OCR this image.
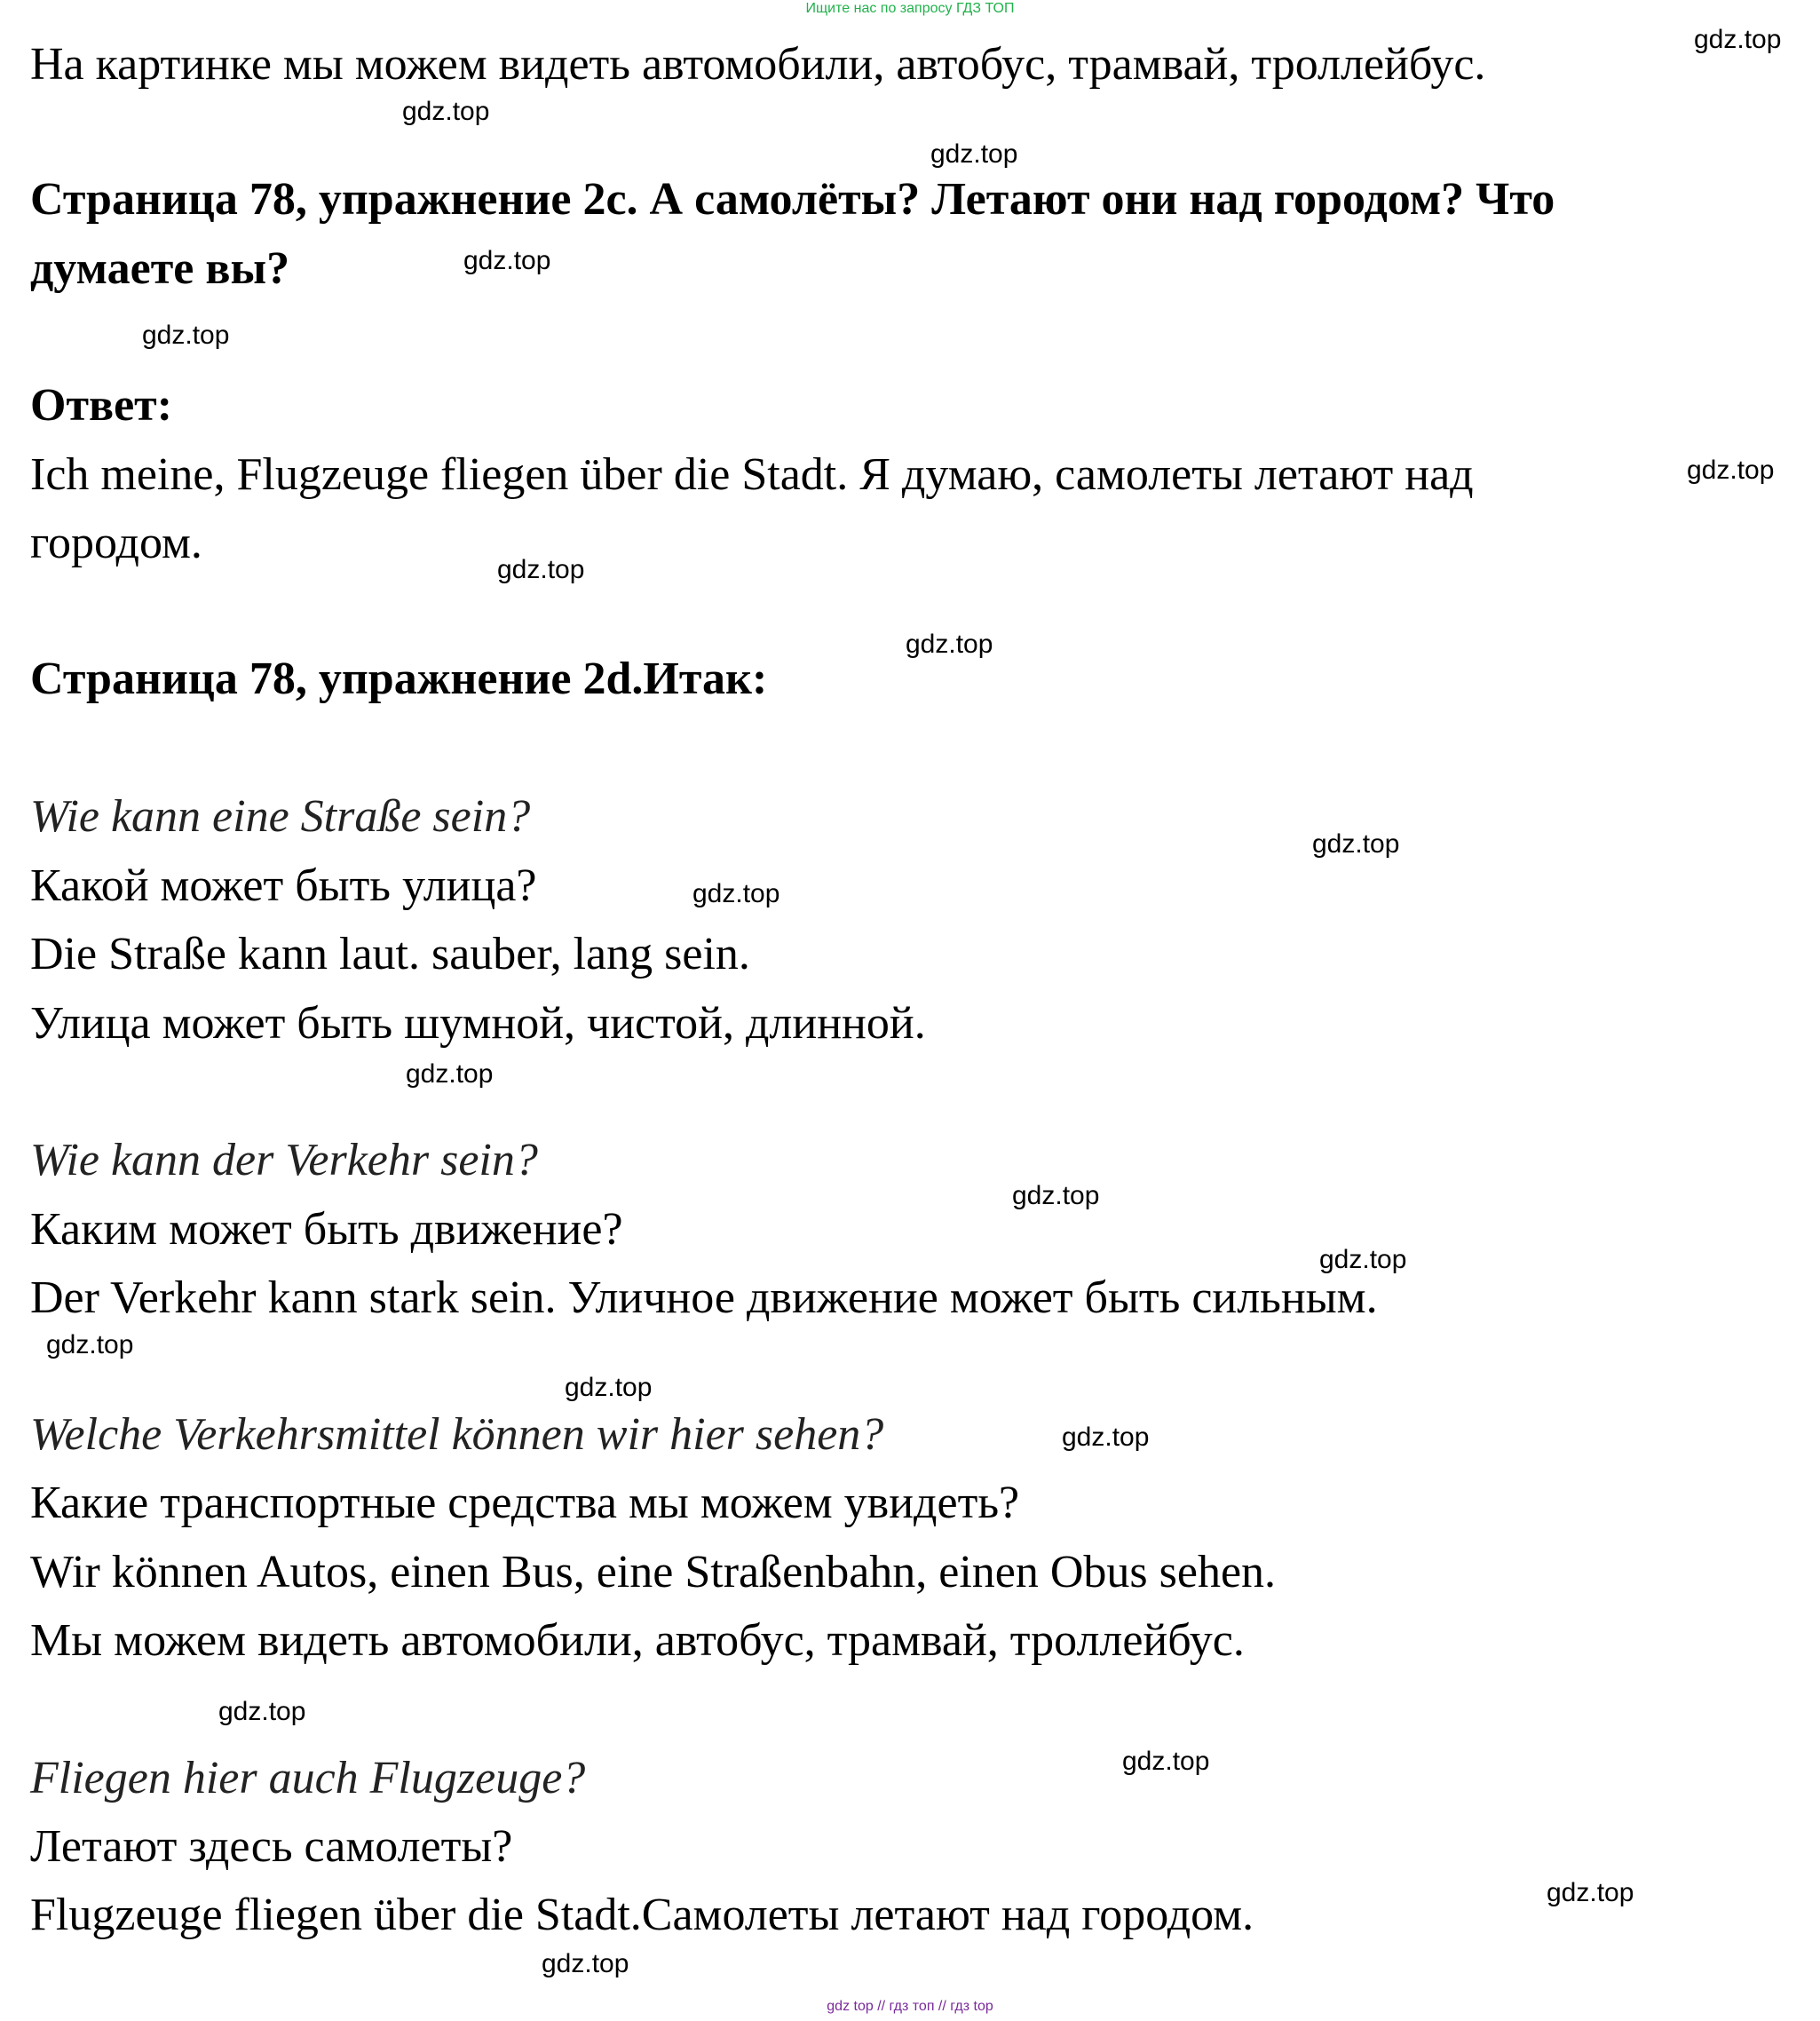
Ищите нас по запросу ГДЗ ТОП
На картинке мы можем видеть автомобили, автобус, трамвай, троллейбус.
Страница 78, упражнение 2с. А самолёты? Летают они над городом? Что
думаете вы?
Ответ:
Ich meine, Flugzeuge fliegen über die Stadt. Я думаю, самолеты летают над
городом.
Страница 78, упражнение 2d.Итак:
Wie kann eine Straße sein?
Какой может быть улица?
Die Straße kann laut. sauber, lang sein.
Улица может быть шумной, чистой, длинной.
Wie kann der Verkehr sein?
Каким может быть движение?
Der Verkehr kann stark sein. Уличное движение может быть сильным.
Welche Verkehrsmittel können wir hier sehen?
Какие транспортные средства мы можем увидеть?
Wir können Autos, einen Bus, eine Straßenbahn, einen Obus sehen.
Мы можем видеть автомобили, автобус, трамвай, троллейбус.
Fliegen hier auch Flugzeuge?
Летают здесь самолеты?
Flugzeuge fliegen über die Stadt.Самолеты летают над городом.
gdz.top
gdz.top
gdz.top
gdz.top
gdz.top
gdz.top
gdz.top
gdz.top
gdz.top
gdz.top
gdz.top
gdz.top
gdz.top
gdz.top
gdz.top
gdz.top
gdz.top
gdz.top
gdz.top
gdz.top
gdz top // гдз топ // гдз top
